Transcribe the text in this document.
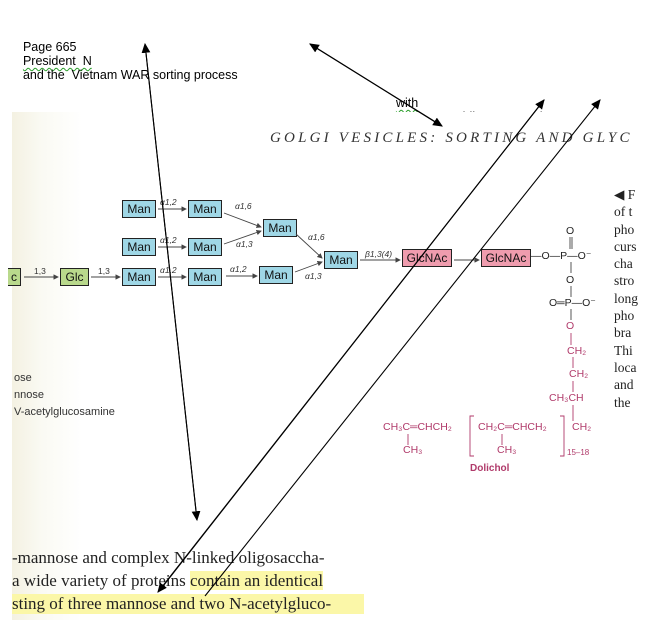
Page 665
President  N
and the  Vietnam WAR sorting process

with

GOLGI VESICLES: SORTING AND GLYC
c	Glc
Man	Man
Man	Man
Man	Man	Man
Man
Man	GlcNAc	GlcNAc
1,3	1,3
α1,2
α1,2
α1,2	α1,2
α1,6
α1,3
α1,6
α1,3
β1,3(4)
O
—O—P—O⁻
O
O═P—O⁻
O
CH₂
CH₂
CH₃CH
CH₃C═CHCH₂ CH₂C═CHCH₂ CH₂
CH₃	CH₃	15–18
Dolichol
ose
nnose
V-acetylglucosamine
◀ F
of t
pho
curs
cha
stro
long
pho
bra
Thi
loca
and
the
-mannose and complex N-linked oligosaccha-
a wide variety of proteins contain an identical
sting of three mannose and two N-acetylgluco-
